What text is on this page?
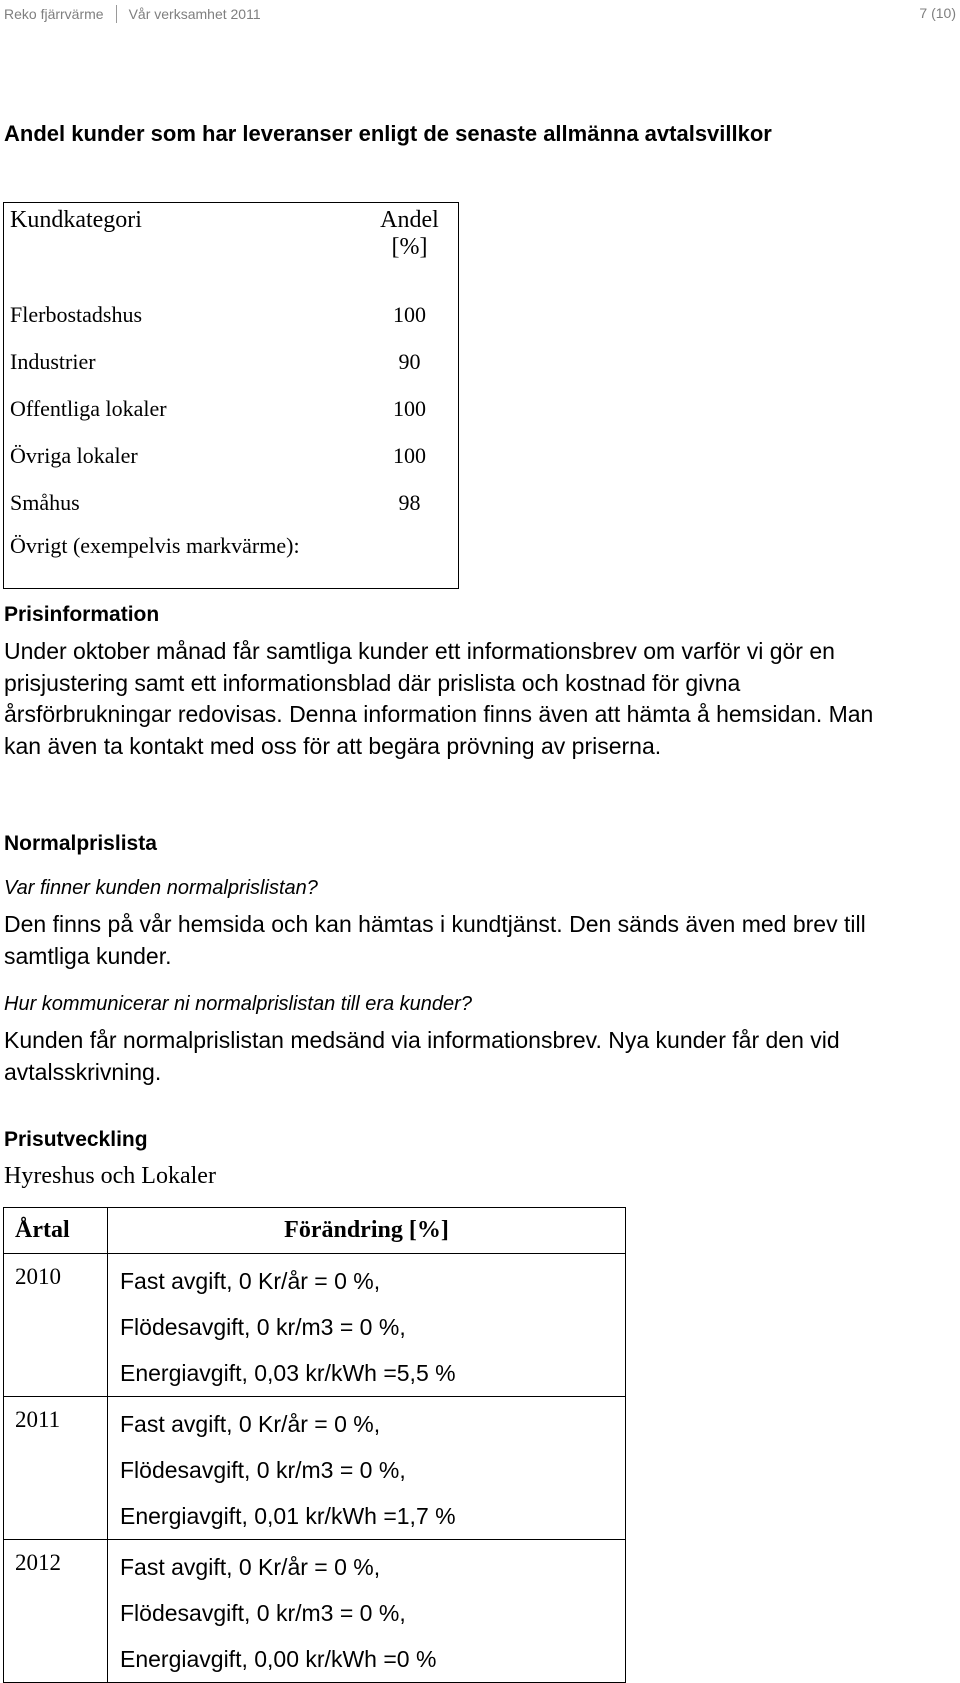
Reko fjärrvärme Vår verksamhet 2011	7 (10)
Andel kunder som har leveranser enligt de senaste allmänna avtalsvillkor
Kundkategori	Andel [%]
Flerbostadshus	100
Industrier	90
Offentliga lokaler	100
Övriga lokaler	100
Småhus	98
Övrigt (exempelvis markvärme):	
Prisinformation

Under oktober månad får samtliga kunder ett informationsbrev om varför vi gör en prisjustering samt ett informationsblad där prislista och kostnad för givna årsförbrukningar redovisas. Denna information finns även att hämta å hemsidan. Man kan även ta kontakt med oss för att begära prövning av priserna.

Normalprislista

Var finner kunden normalprislistan?

Den finns på vår hemsida och kan hämtas i kundtjänst. Den sänds även med brev till samtliga kunder.

Hur kommunicerar ni normalprislistan till era kunder?

Kunden får normalprislistan medsänd via informationsbrev. Nya kunder får den vid avtalsskrivning.

Prisutveckling

Hyreshus och Lokaler

Årtal	Förändring [%]
2010	Fast avgift, 0 Kr/år = 0 %,
Flödesavgift, 0 kr/m3 = 0 %,
Energiavgift, 0,03 kr/kWh =5,5 %

2011	Fast avgift, 0 Kr/år = 0 %,
Flödesavgift, 0 kr/m3 = 0 %,
Energiavgift, 0,01 kr/kWh =1,7 %

2012	Fast avgift, 0 Kr/år = 0 %,
Flödesavgift, 0 kr/m3 = 0 %,
Energiavgift, 0,00 kr/kWh =0 %
